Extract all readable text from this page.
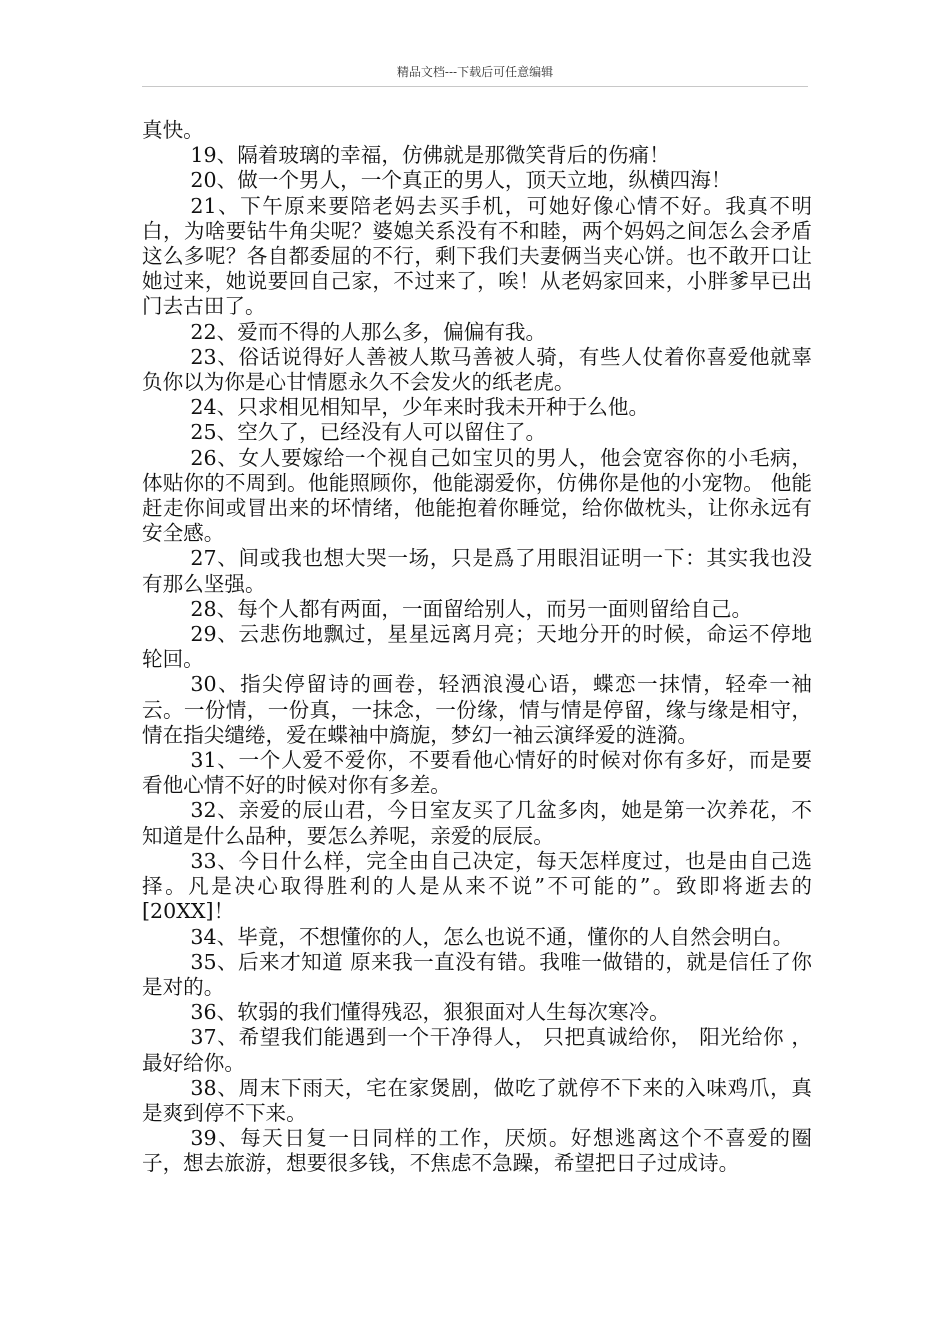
精品文档---下载后可任意编辑

真快。

19、隔着玻璃的幸福，仿佛就是那微笑背后的伤痛！

20、做一个男人，一个真正的男人，顶天立地，纵横四海！

21、下午原来要陪老妈去买手机，可她好像心情不好。我真不明白，为啥要钻牛角尖呢？婆媳关系没有不和睦，两个妈妈之间怎么会矛盾这么多呢？各自都委屈的不行，剩下我们夫妻俩当夹心饼。也不敢开口让她过来，她说要回自己家，不过来了，唉！从老妈家回来，小胖爹早已出门去古田了。

22、爱而不得的人那么多，偏偏有我。

23、俗话说得好人善被人欺马善被人骑，有些人仗着你喜爱他就辜负你以为你是心甘情愿永久不会发火的纸老虎。

24、只求相见相知早，少年来时我未开种于么他。

25、空久了，已经没有人可以留住了。

26、女人要嫁给一个视自己如宝贝的男人，他会宽容你的小毛病，体贴你的不周到。他能照顾你，他能溺爱你，仿佛你是他的小宠物。 他能赶走你间或冒出来的坏情绪，他能抱着你睡觉，给你做枕头，让你永远有安全感。

27、间或我也想大哭一场，只是爲了用眼泪证明一下：其实我也没有那么坚强。

28、每个人都有两面，一面留给别人，而另一面则留给自己。

29、云悲伤地飘过，星星远离月亮；天地分开的时候，命运不停地轮回。

30、指尖停留诗的画卷，轻洒浪漫心语，蝶恋一抹情，轻牵一袖云。一份情，一份真，一抹念，一份缘，情与情是停留，缘与缘是相守，情在指尖缱绻，爱在蝶袖中旖旎，梦幻一袖云演绎爱的涟漪。

31、一个人爱不爱你，不要看他心情好的时候对你有多好，而是要看他心情不好的时候对你有多差。

32、亲爱的辰山君，今日室友买了几盆多肉，她是第一次养花，不知道是什么品种，要怎么养呢，亲爱的辰辰。

33、今日什么样，完全由自己决定，每天怎样度过，也是由自己选择。凡是决心取得胜利的人是从来不说”不可能的”。致即将逝去的[20XX]！

34、毕竟，不想懂你的人，怎么也说不通，懂你的人自然会明白。

35、后来才知道 原来我一直没有错。我唯一做错的，就是信任了你是对的。

36、软弱的我们懂得残忍，狠狠面对人生每次寒冷。

37、希望我们能遇到一个干净得人， 只把真诚给你， 阳光给你 ，最好给你。

38、周末下雨天，宅在家煲剧，做吃了就停不下来的入味鸡爪，真是爽到停不下来。

39、每天日复一日同样的工作，厌烦。好想逃离这个不喜爱的圈子，想去旅游，想要很多钱，不焦虑不急躁，希望把日子过成诗。
